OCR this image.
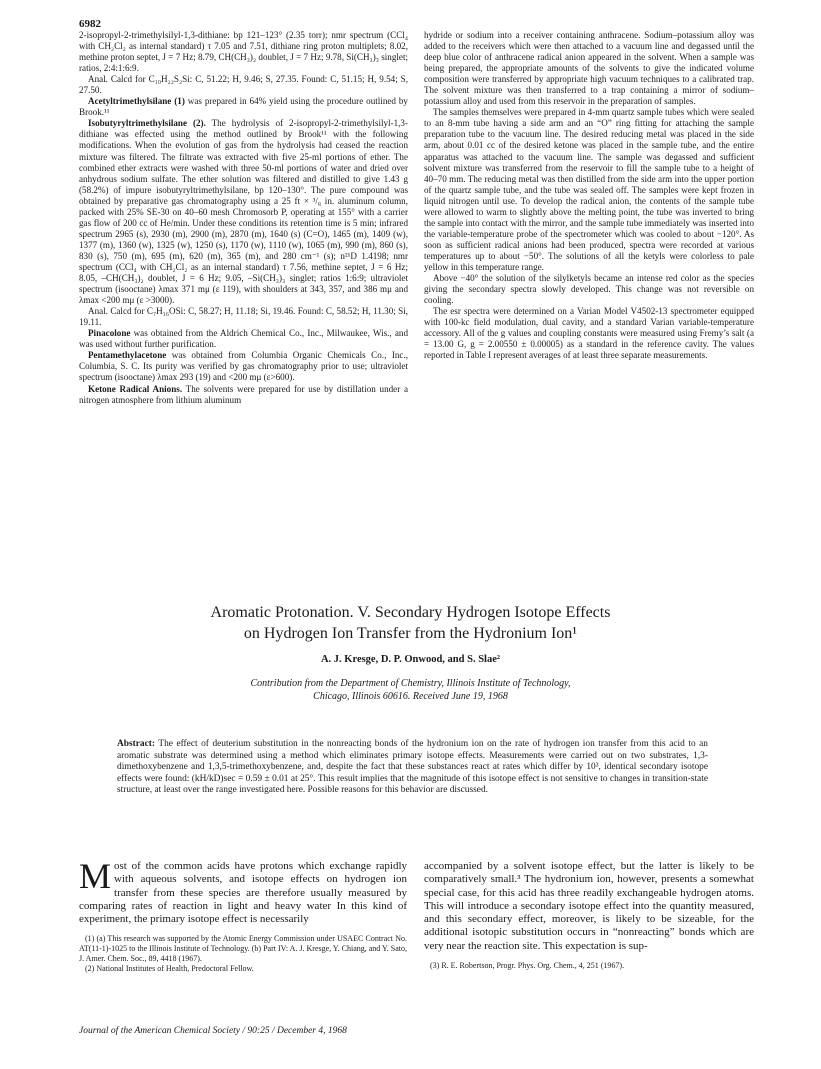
6982

2-isopropyl-2-trimethylsilyl-1,3-dithiane: bp 121–123° (2.35 torr); nmr spectrum (CCl₄ with CH₂Cl₂ as internal standard) τ 7.05 and 7.51, dithiane ring proton multiplets; 8.02, methine proton septet, J = 7 Hz; 8.79, CH(CH₃)₂ doublet, J = 7 Hz; 9.78, Si(CH₃)₃ singlet; ratios, 2:4:1:6:9.

Anal. Calcd for C₁₀H₂₂S₂Si: C, 51.22; H, 9.46; S, 27.35. Found: C, 51.15; H, 9.54; S, 27.50.

Acetyltrimethylsilane (1) was prepared in 64% yield using the procedure outlined by Brook.¹¹

Isobutyryltrimethylsilane (2). The hydrolysis of 2-isopropyl-2-trimethylsilyl-1,3-dithiane was effected using the method outlined by Brook¹¹ with the following modifications. When the evolution of gas from the hydrolysis had ceased the reaction mixture was filtered. The filtrate was extracted with five 25-ml portions of ether. The combined ether extracts were washed with three 50-ml portions of water and dried over anhydrous sodium sulfate. The ether solution was filtered and distilled to give 1.43 g (58.2%) of impure isobutyryltrimethylsilane, bp 120–130°. The pure compound was obtained by preparative gas chromatography using a 25 ft × ³/₈ in. aluminum column, packed with 25% SE-30 on 40–60 mesh Chromosorb P, operating at 155° with a carrier gas flow of 200 cc of He/min. Under these conditions its retention time is 5 min; infrared spectrum 2965 (s), 2930 (m), 2900 (m), 2870 (m), 1640 (s) (C=O), 1465 (m), 1409 (w), 1377 (m), 1360 (w), 1325 (w), 1250 (s), 1170 (w), 1110 (w), 1065 (m), 990 (m), 860 (s), 830 (s), 750 (m), 695 (m), 620 (m), 365 (m), and 280 cm⁻¹ (s); n²¹D 1.4198; nmr spectrum (CCl₄ with CH₂Cl₂ as an internal standard) τ 7.56, methine septet, J = 6 Hz; 8.05, –CH(CH₃)₂ doublet, J = 6 Hz; 9.05, –Si(CH₃)₃ singlet; ratios 1:6:9; ultraviolet spectrum (isooctane) λmax 371 mμ (ε 119), with shoulders at 343, 357, and 386 mμ and λmax <200 mμ (ε >3000).

Anal. Calcd for C₇H₁₆OSi: C, 58.27; H, 11.18; Si, 19.46. Found: C, 58.52; H, 11.30; Si, 19.11.

Pinacolone was obtained from the Aldrich Chemical Co., Inc., Milwaukee, Wis., and was used without further purification.

Pentamethylacetone was obtained from Columbia Organic Chemicals Co., Inc., Columbia, S. C. Its purity was verified by gas chromatography prior to use; ultraviolet spectrum (isooctane) λmax 293 (19) and <200 mμ (ε>600).

Ketone Radical Anions. The solvents were prepared for use by distillation under a nitrogen atmosphere from lithium aluminum

hydride or sodium into a receiver containing anthracene. Sodium–potassium alloy was added to the receivers which were then attached to a vacuum line and degassed until the deep blue color of anthracene radical anion appeared in the solvent. When a sample was being prepared, the appropriate amounts of the solvents to give the indicated volume composition were transferred by appropriate high vacuum techniques to a calibrated trap. The solvent mixture was then transferred to a trap containing a mirror of sodium–potassium alloy and used from this reservoir in the preparation of samples.

The samples themselves were prepared in 4-mm quartz sample tubes which were sealed to an 8-mm tube having a side arm and an “O” ring fitting for attaching the sample preparation tube to the vacuum line. The desired reducing metal was placed in the side arm, about 0.01 cc of the desired ketone was placed in the sample tube, and the entire apparatus was attached to the vacuum line. The sample was degassed and sufficient solvent mixture was transferred from the reservoir to fill the sample tube to a height of 40–70 mm. The reducing metal was then distilled from the side arm into the upper portion of the quartz sample tube, and the tube was sealed off. The samples were kept frozen in liquid nitrogen until use. To develop the radical anion, the contents of the sample tube were allowed to warm to slightly above the melting point, the tube was inverted to bring the sample into contact with the mirror, and the sample tube immediately was inserted into the variable-temperature probe of the spectrometer which was cooled to about −120°. As soon as sufficient radical anions had been produced, spectra were recorded at various temperatures up to about −50°. The solutions of all the ketyls were colorless to pale yellow in this temperature range.

Above −40° the solution of the silylketyls became an intense red color as the species giving the secondary spectra slowly developed. This change was not reversible on cooling.

The esr spectra were determined on a Varian Model V4502-13 spectrometer equipped with 100-kc field modulation, dual cavity, and a standard Varian variable-temperature accessory. All of the g values and coupling constants were measured using Fremy’s salt (a = 13.00 G, g = 2.00550 ± 0.00005) as a standard in the reference cavity. The values reported in Table I represent averages of at least three separate measurements.

Aromatic Protonation. V. Secondary Hydrogen Isotope Effects
on Hydrogen Ion Transfer from the Hydronium Ion¹
A. J. Kresge, D. P. Onwood, and S. Slae²
Contribution from the Department of Chemistry, Illinois Institute of Technology,
Chicago, Illinois 60616. Received June 19, 1968
Abstract: The effect of deuterium substitution in the nonreacting bonds of the hydronium ion on the rate of hydrogen ion transfer from this acid to an aromatic substrate was determined using a method which eliminates primary isotope effects. Measurements were carried out on two substrates, 1,3-dimethoxybenzene and 1,3,5-trimethoxybenzene, and, despite the fact that these substances react at rates which differ by 10³, identical secondary isotope effects were found: (kH/kD)sec = 0.59 ± 0.01 at 25°. This result implies that the magnitude of this isotope effect is not sensitive to changes in transition-state structure, at least over the range investigated here. Possible reasons for this behavior are discussed.
Most of the common acids have protons which exchange rapidly with aqueous solvents, and isotope effects on hydrogen ion transfer from these species are therefore usually measured by comparing rates of reaction in light and heavy water In this kind of experiment, the primary isotope effect is necessarily
(1) (a) This research was supported by the Atomic Energy Commission under USAEC Contract No. AT(11-1)-1025 to the Illinois Institute of Technology. (b) Part IV: A. J. Kresge, Y. Chiang, and Y. Sato, J. Amer. Chem. Soc., 89, 4418 (1967).
(2) National Institutes of Health, Predoctoral Fellow.
accompanied by a solvent isotope effect, but the latter is likely to be comparatively small.³ The hydronium ion, however, presents a somewhat special case, for this acid has three readily exchangeable hydrogen atoms. This will introduce a secondary isotope effect into the quantity measured, and this secondary effect, moreover, is likely to be sizeable, for the additional isotopic substitution occurs in “nonreacting” bonds which are very near the reaction site. This expectation is sup-
(3) R. E. Robertson, Progr. Phys. Org. Chem., 4, 251 (1967).
Journal of the American Chemical Society / 90:25 / December 4, 1968
